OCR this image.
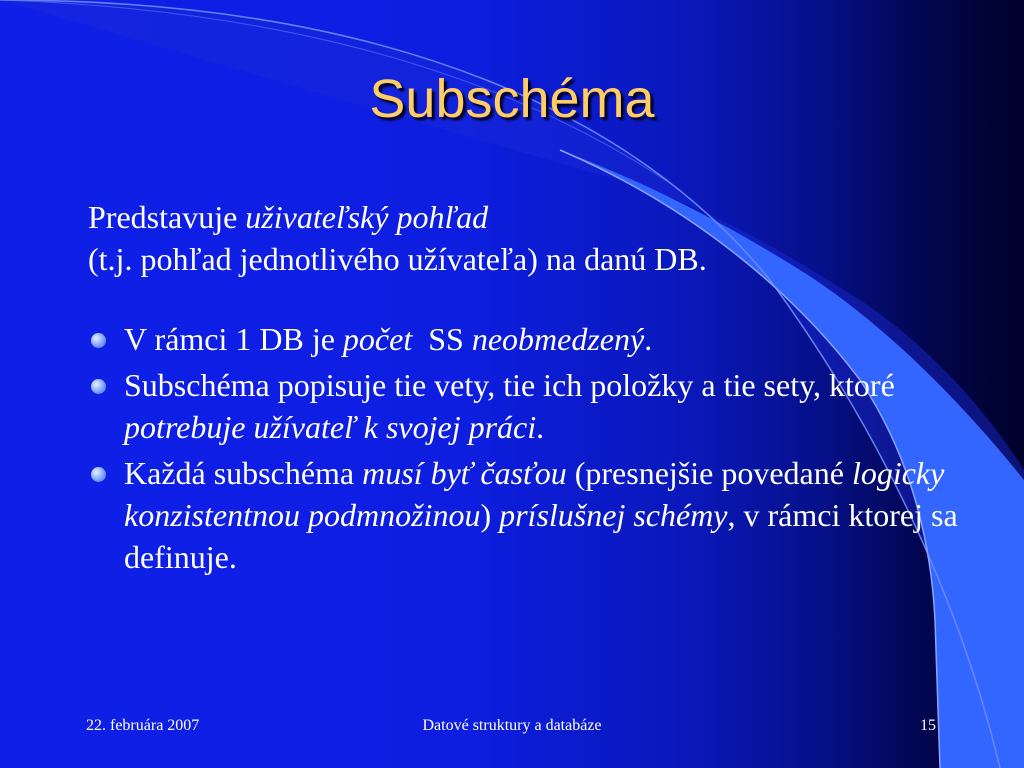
Subschéma

Predstavuje uživateľský pohľad

(t.j. pohľad jednotlivého užívateľa) na danú DB.

V rámci 1 DB je počet  SS neobmedzený.
Subschéma popisuje tie vety, tie ich položky a tie sety, ktoré potrebuje užívateľ k svojej práci.
Každá subschéma musí byť časťou (presnejšie povedané logicky konzistentnou podmnožinou) príslušnej schémy, v rámci ktorej sa definuje.
22. februára 2007	Datové struktury a databáze	15
